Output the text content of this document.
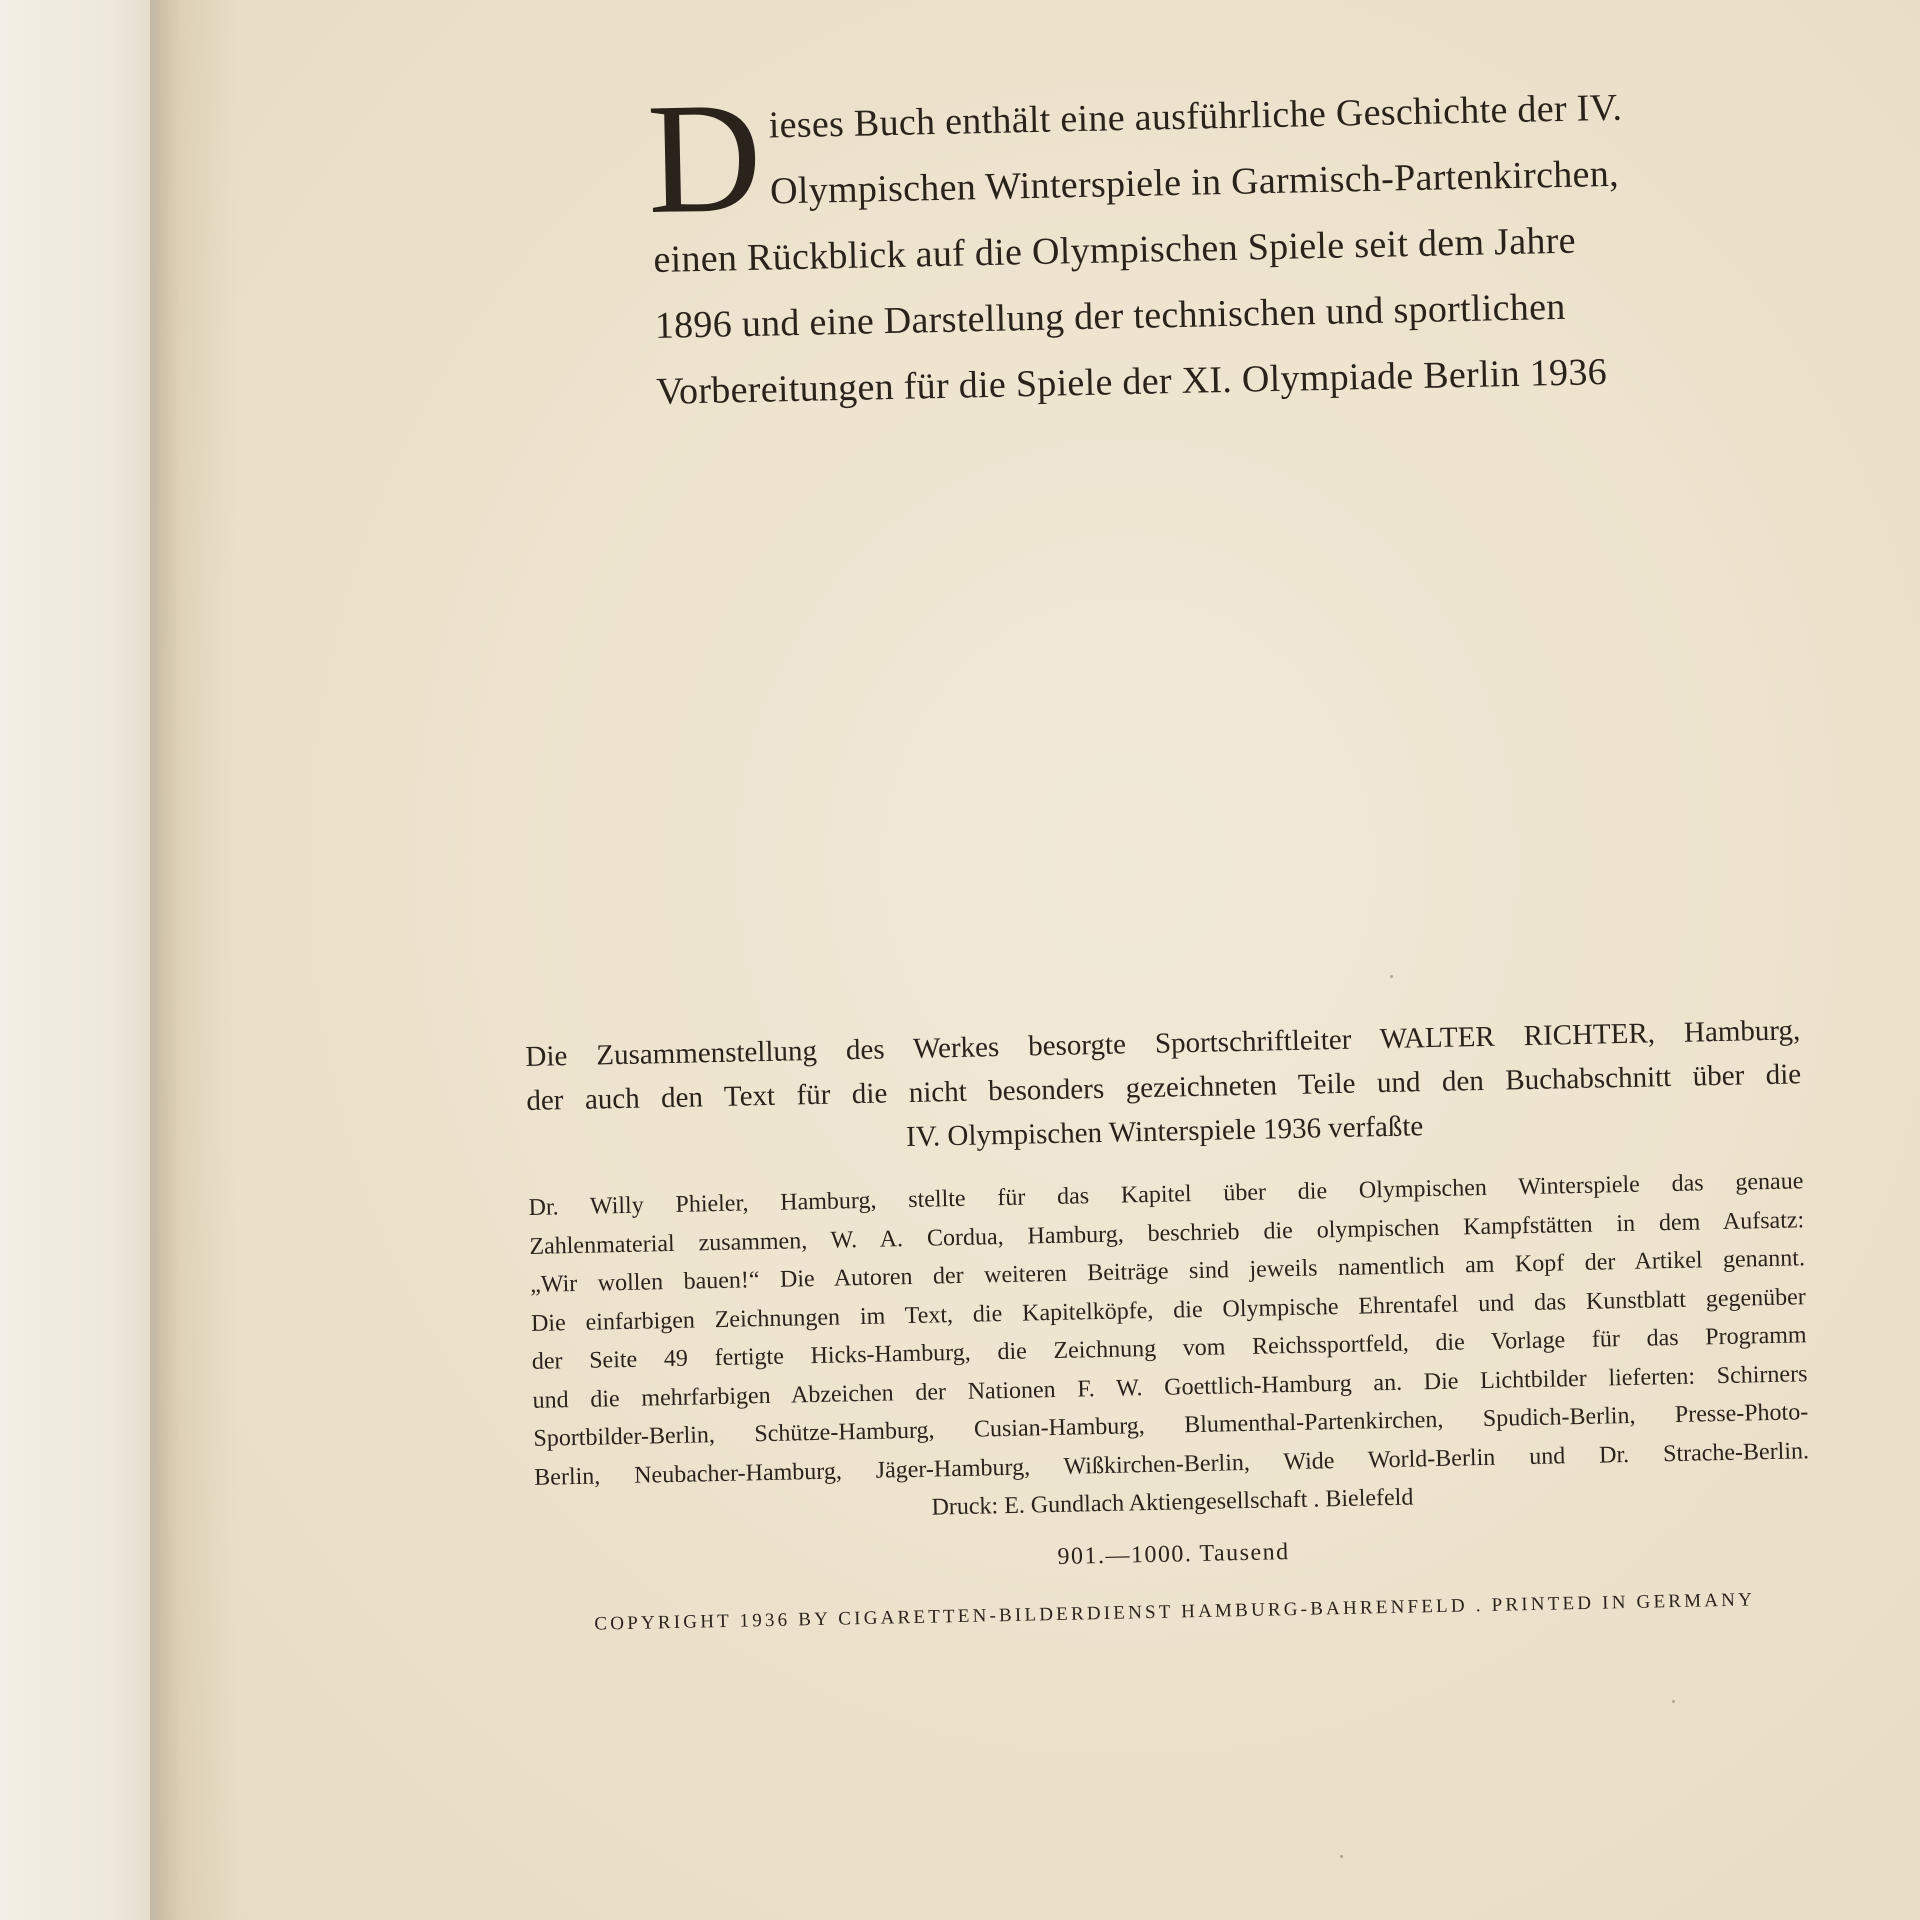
D ieses Buch enthält eine ausführliche Geschichte der IV. Olympischen Winterspiele in Garmisch-Partenkirchen, einen Rückblick auf die Olympischen Spiele seit dem Jahre 1896 und eine Darstellung der technischen und sportlichen Vorbereitungen für die Spiele der XI. Olympiade Berlin 1936

Die Zusammenstellung des Werkes besorgte Sportschriftleiter WALTER RICHTER, Hamburg,

der auch den Text für die nicht besonders gezeichneten Teile und den Buchabschnitt über die

IV. Olympischen Winterspiele 1936 verfaßte

Dr. Willy Phieler, Hamburg, stellte für das Kapitel über die Olympischen Winterspiele das genaue

Zahlenmaterial zusammen, W. A. Cordua, Hamburg, beschrieb die olympischen Kampfstätten in dem Aufsatz:

„Wir wollen bauen!“ Die Autoren der weiteren Beiträge sind jeweils namentlich am Kopf der Artikel genannt.

Die einfarbigen Zeichnungen im Text, die Kapitelköpfe, die Olympische Ehrentafel und das Kunstblatt gegenüber

der Seite 49 fertigte Hicks-Hamburg, die Zeichnung vom Reichssportfeld, die Vorlage für das Programm

und die mehrfarbigen Abzeichen der Nationen F. W. Goettlich-Hamburg an. Die Lichtbilder lieferten: Schirners

Sportbilder-Berlin, Schütze-Hamburg, Cusian-Hamburg, Blumenthal-Partenkirchen, Spudich-Berlin, Presse-Photo-

Berlin, Neubacher-Hamburg, Jäger-Hamburg, Wißkirchen-Berlin, Wide World-Berlin und Dr. Strache-Berlin.

Druck: E. Gundlach Aktiengesellschaft . Bielefeld

901.—1000. Tausend

COPYRIGHT 1936 BY CIGARETTEN-BILDERDIENST HAMBURG-BAHRENFELD . PRINTED IN GERMANY
